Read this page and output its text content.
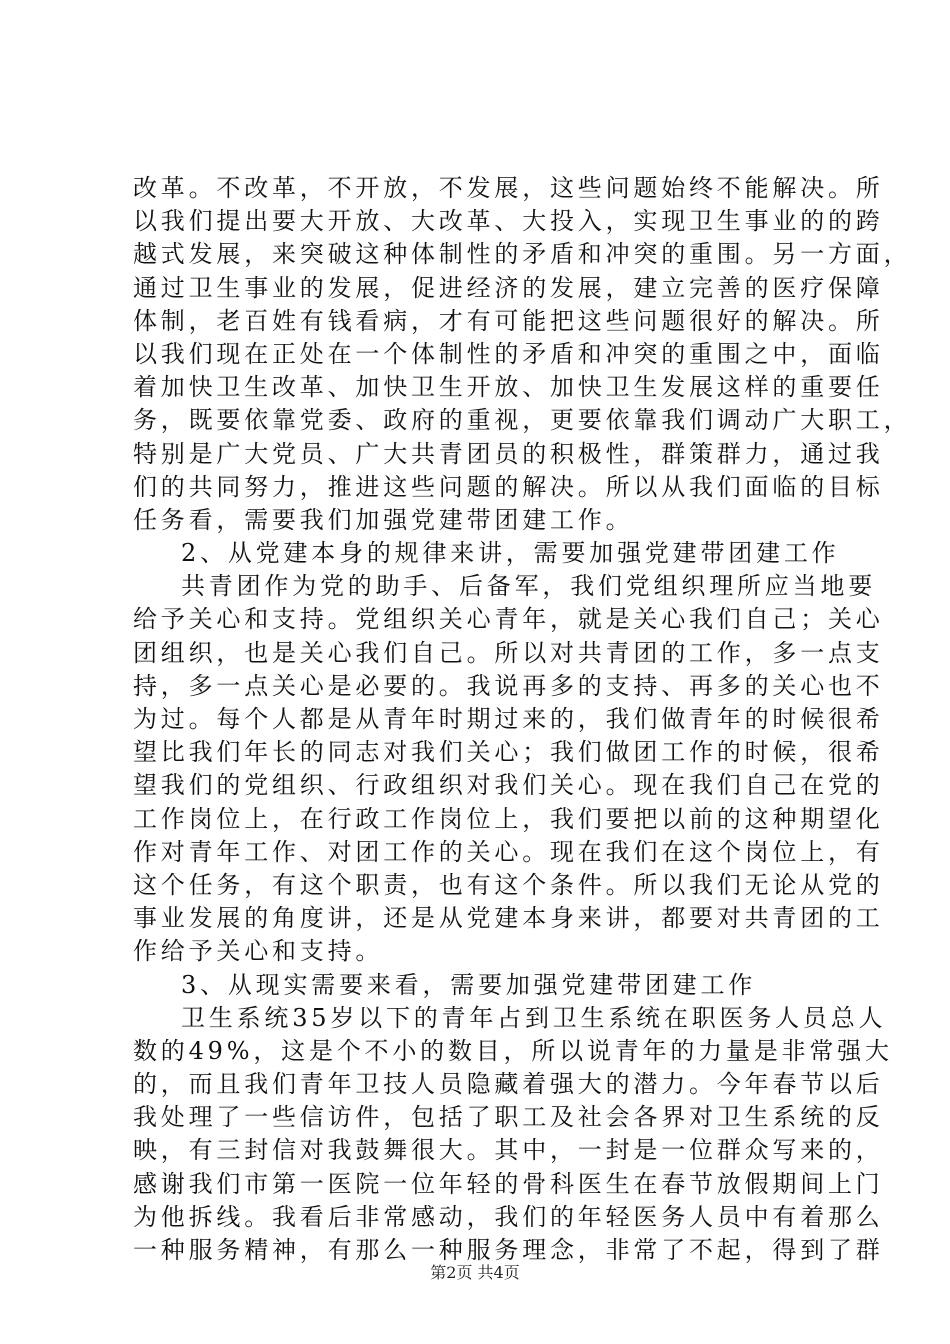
改革。不改革，不开放，不发展，这些问题始终不能解决。所
以我们提出要大开放、大改革、大投入，实现卫生事业的的跨
越式发展，来突破这种体制性的矛盾和冲突的重围。另一方面，
通过卫生事业的发展，促进经济的发展，建立完善的医疗保障
体制，老百姓有钱看病，才有可能把这些问题很好的解决。所
以我们现在正处在一个体制性的矛盾和冲突的重围之中，面临
着加快卫生改革、加快卫生开放、加快卫生发展这样的重要任
务，既要依靠党委、政府的重视，更要依靠我们调动广大职工，
特别是广大党员、广大共青团员的积极性，群策群力，通过我
们的共同努力，推进这些问题的解决。所以从我们面临的目标
任务看，需要我们加强党建带团建工作。
2、从党建本身的规律来讲，需要加强党建带团建工作
共青团作为党的助手、后备军，我们党组织理所应当地要
给予关心和支持。党组织关心青年，就是关心我们自己；关心
团组织，也是关心我们自己。所以对共青团的工作，多一点支
持，多一点关心是必要的。我说再多的支持、再多的关心也不
为过。每个人都是从青年时期过来的，我们做青年的时候很希
望比我们年长的同志对我们关心；我们做团工作的时候，很希
望我们的党组织、行政组织对我们关心。现在我们自己在党的
工作岗位上，在行政工作岗位上，我们要把以前的这种期望化
作对青年工作、对团工作的关心。现在我们在这个岗位上，有
这个任务，有这个职责，也有这个条件。所以我们无论从党的
事业发展的角度讲，还是从党建本身来讲，都要对共青团的工
作给予关心和支持。
3、从现实需要来看，需要加强党建带团建工作
卫生系统35岁以下的青年占到卫生系统在职医务人员总人
数的49%，这是个不小的数目，所以说青年的力量是非常强大
的，而且我们青年卫技人员隐藏着强大的潜力。今年春节以后
我处理了一些信访件，包括了职工及社会各界对卫生系统的反
映，有三封信对我鼓舞很大。其中，一封是一位群众写来的，
感谢我们市第一医院一位年轻的骨科医生在春节放假期间上门
为他拆线。我看后非常感动，我们的年轻医务人员中有着那么
一种服务精神，有那么一种服务理念，非常了不起，得到了群
第2页 共4页
